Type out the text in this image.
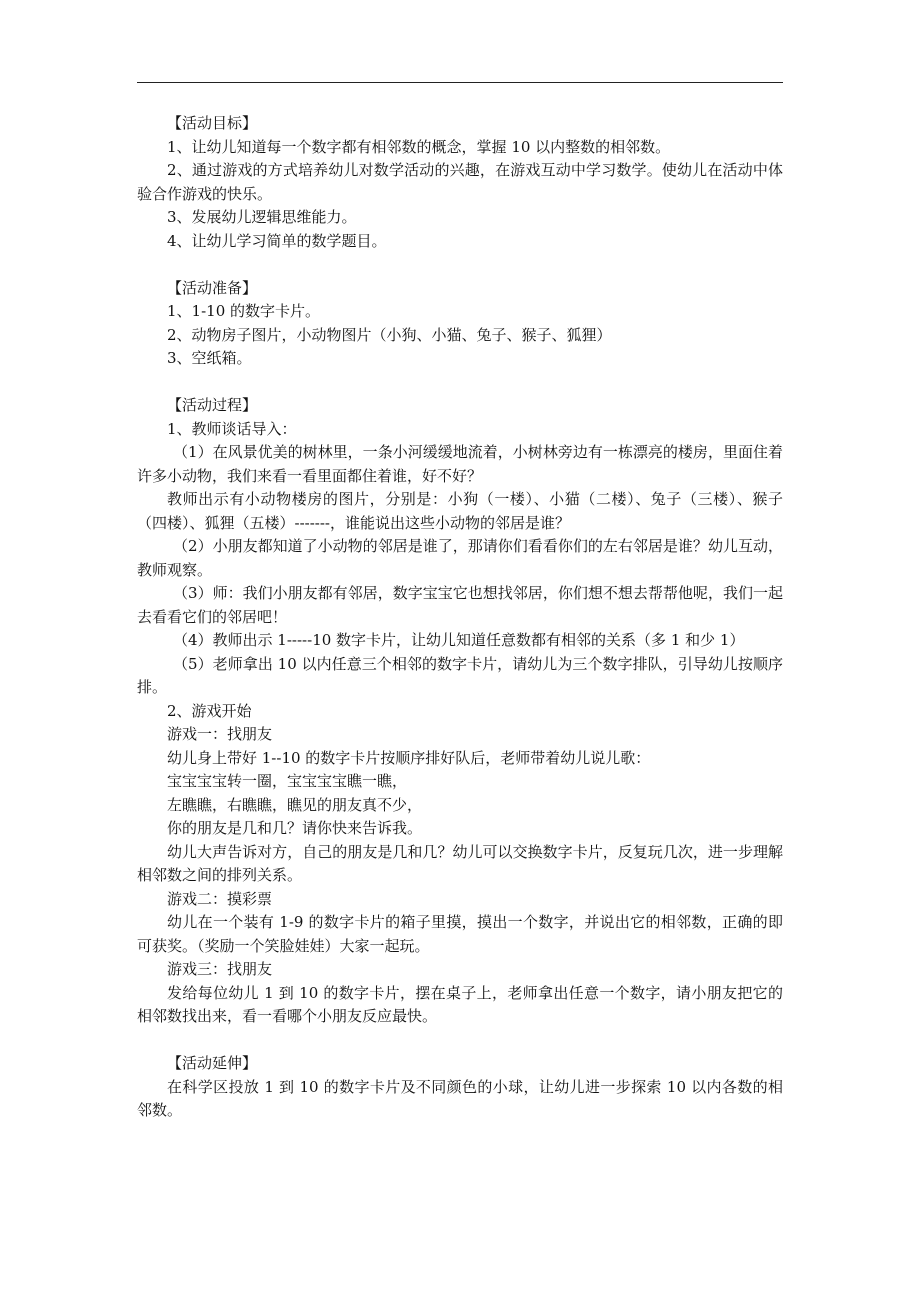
【活动目标】

1、让幼儿知道每一个数字都有相邻数的概念，掌握 10 以内整数的相邻数。

2、通过游戏的方式培养幼儿对数学活动的兴趣，在游戏互动中学习数学。使幼儿在活动中体验合作游戏的快乐。

3、发展幼儿逻辑思维能力。

4、让幼儿学习简单的数学题目。

【活动准备】

1、1-10 的数字卡片。

2、动物房子图片，小动物图片（小狗、小猫、兔子、猴子、狐狸）

3、空纸箱。

【活动过程】

1、教师谈话导入：

（1）在风景优美的树林里，一条小河缓缓地流着，小树林旁边有一栋漂亮的楼房，里面住着许多小动物，我们来看一看里面都住着谁，好不好？

教师出示有小动物楼房的图片，分别是：小狗（一楼）、小猫（二楼）、兔子（三楼）、猴子（四楼）、狐狸（五楼）-------，谁能说出这些小动物的邻居是谁？

（2）小朋友都知道了小动物的邻居是谁了，那请你们看看你们的左右邻居是谁？幼儿互动，教师观察。

（3）师：我们小朋友都有邻居，数字宝宝它也想找邻居，你们想不想去帮帮他呢，我们一起去看看它们的邻居吧！

（4）教师出示 1-----10 数字卡片，让幼儿知道任意数都有相邻的关系（多 1 和少 1）

（5）老师拿出 10 以内任意三个相邻的数字卡片，请幼儿为三个数字排队，引导幼儿按顺序排。

2、游戏开始

游戏一：找朋友

幼儿身上带好 1--10 的数字卡片按顺序排好队后，老师带着幼儿说儿歌：

宝宝宝宝转一圈，宝宝宝宝瞧一瞧，

左瞧瞧，右瞧瞧，瞧见的朋友真不少，

你的朋友是几和几？请你快来告诉我。

幼儿大声告诉对方，自己的朋友是几和几？幼儿可以交换数字卡片，反复玩几次，进一步理解相邻数之间的排列关系。

游戏二：摸彩票

幼儿在一个装有 1-9 的数字卡片的箱子里摸，摸出一个数字，并说出它的相邻数，正确的即可获奖。（奖励一个笑脸娃娃）大家一起玩。

游戏三：找朋友

发给每位幼儿 1 到 10 的数字卡片，摆在桌子上，老师拿出任意一个数字，请小朋友把它的相邻数找出来，看一看哪个小朋友反应最快。

【活动延伸】

在科学区投放 1 到 10 的数字卡片及不同颜色的小球，让幼儿进一步探索 10 以内各数的相邻数。
